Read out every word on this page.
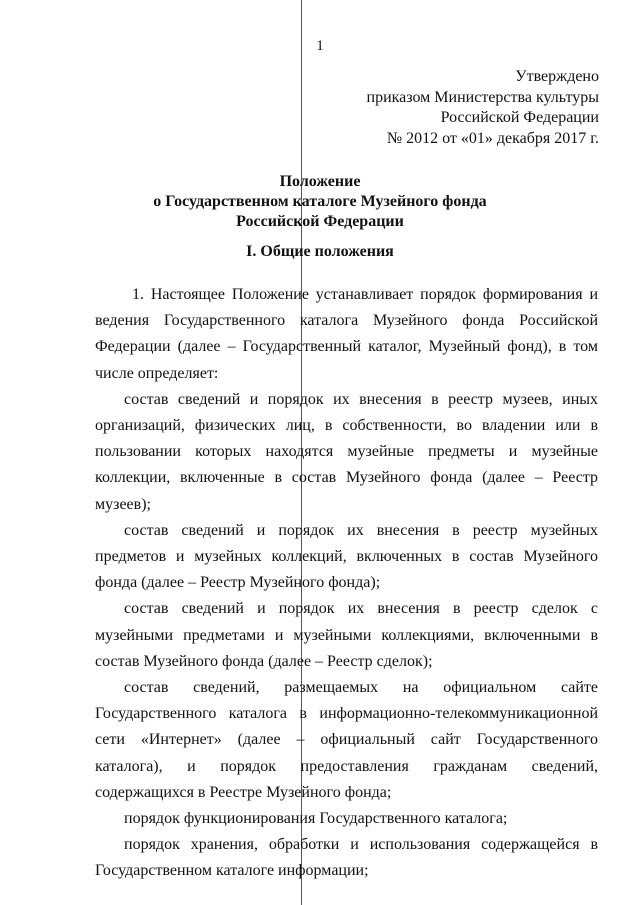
1
Утверждено
приказом Министерства культуры
Российской Федерации
№ 2012 от «01» декабря 2017 г.
Положение
о Государственном каталоге Музейного фонда
Российской Федерации
I. Общие положения

1. Настоящее Положение устанавливает порядок формирования и ведения Государственного каталога Музейного фонда Российской Федерации (далее – Государственный каталог, Музейный фонд), в том числе определяет:

состав сведений и порядок их внесения в реестр музеев, иных организаций, физических лиц, в собственности, во владении или в пользовании которых находятся музейные предметы и музейные коллекции, включенные в состав Музейного фонда (далее – Реестр музеев);

состав сведений и порядок их внесения в реестр музейных предметов и музейных коллекций, включенных в состав Музейного фонда (далее – Реестр Музейного фонда);

состав сведений и порядок их внесения в реестр сделок с музейными предметами и музейными коллекциями, включенными в состав Музейного фонда (далее – Реестр сделок);

состав сведений, размещаемых на официальном сайте Государственного каталога в информационно-телекоммуникационной сети «Интернет» (далее – официальный сайт Государственного каталога), и порядок предоставления гражданам сведений, содержащихся в Реестре Музейного фонда;

порядок функционирования Государственного каталога;

порядок хранения, обработки и использования содержащейся в Государственном каталоге информации;
